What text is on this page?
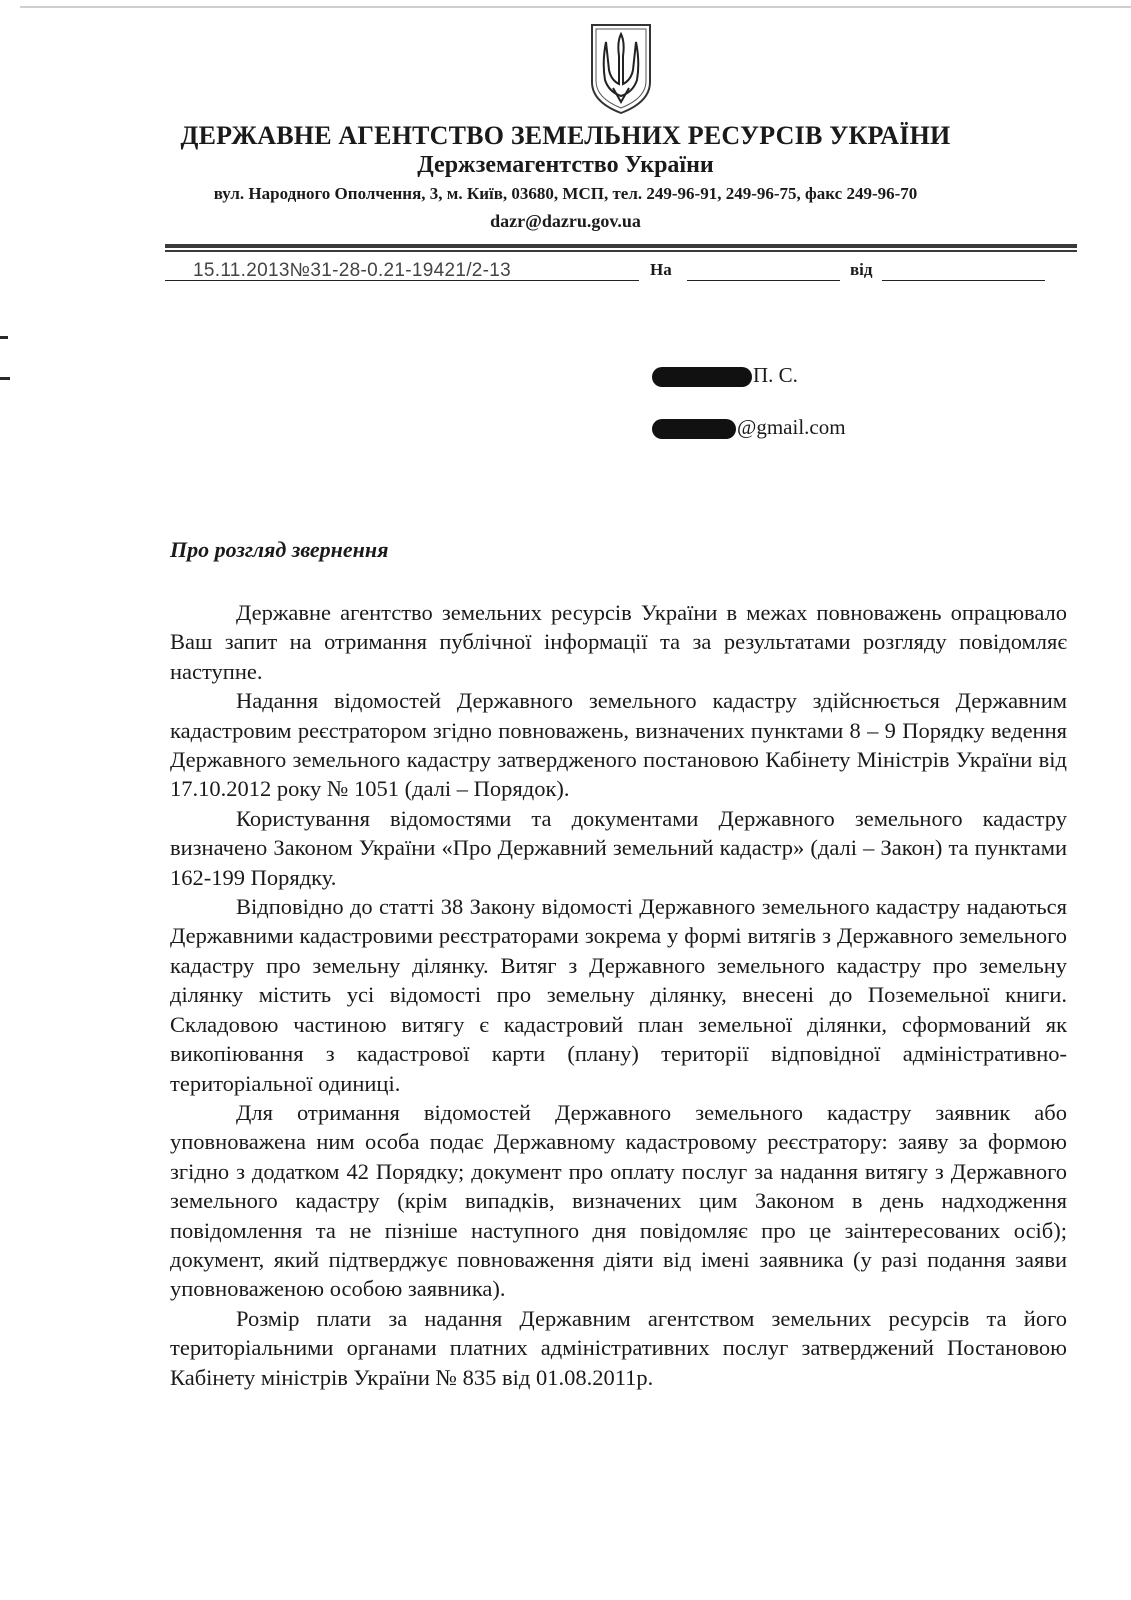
ДЕРЖАВНЕ АГЕНТСТВО ЗЕМЕЛЬНИХ РЕСУРСІВ УКРАЇНИ
Держземагентство України
вул. Народного Ополчення, 3, м. Київ, 03680, МСП, тел. 249-96-91, 249-96-75, факс 249-96-70
dazr@dazru.gov.ua
15.11.2013№31-28-0.21-19421/2-13	На	від
П. С.
@gmail.com
Про розгляд звернення

Державне агентство земельних ресурсів України в межах повноважень опрацювало Ваш запит на отримання публічної інформації та за результатами розгляду повідомляє наступне.

Надання відомостей Державного земельного кадастру здійснюється Державним кадастровим реєстратором згідно повноважень, визначених пунктами 8 – 9 Порядку ведення Державного земельного кадастру затвердженого постановою Кабінету Міністрів України від 17.10.2012 року № 1051 (далі – Порядок).

Користування відомостями та документами Державного земельного кадастру визначено Законом України «Про Державний земельний кадастр» (далі – Закон) та пунктами 162-199 Порядку.

Відповідно до статті 38 Закону відомості Державного земельного кадастру надаються Державними кадастровими реєстраторами зокрема у формі витягів з Державного земельного кадастру про земельну ділянку. Витяг з Державного земельного кадастру про земельну ділянку містить усі відомості про земельну ділянку, внесені до Поземельної книги. Складовою частиною витягу є кадастровий план земельної ділянки, сформований як викопіювання з кадастрової карти (плану) території відповідної адміністративно-територіальної одиниці.

Для отримання відомостей Державного земельного кадастру заявник або уповноважена ним особа подає Державному кадастровому реєстратору: заяву за формою згідно з додатком 42 Порядку; документ про оплату послуг за надання витягу з Державного земельного кадастру (крім випадків, визначених цим Законом в день надходження повідомлення та не пізніше наступного дня повідомляє про це заінтересованих осіб); документ, який підтверджує повноваження діяти від імені заявника (у разі подання заяви уповноваженою особою заявника).

Розмір плати за надання Державним агентством земельних ресурсів та його територіальними органами платних адміністративних послуг затверджений Постановою Кабінету міністрів України № 835 від 01.08.2011р.
